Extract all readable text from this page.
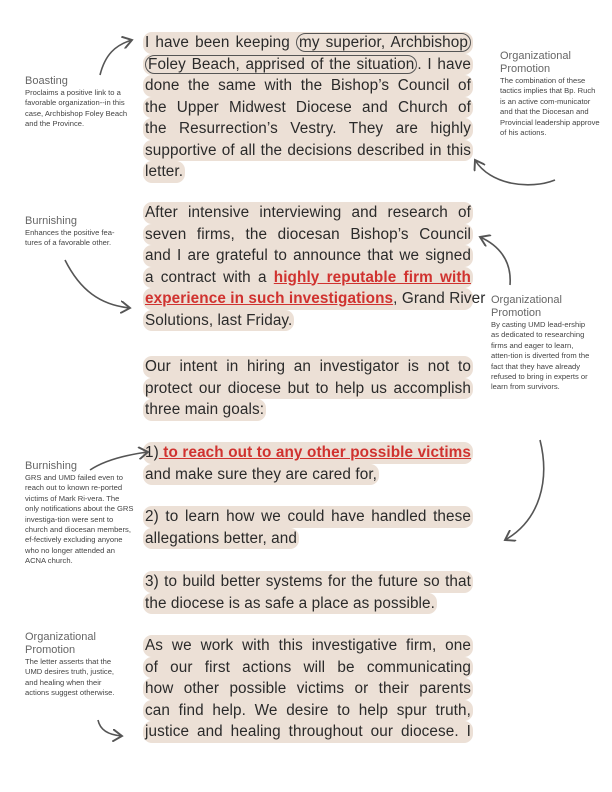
I have been keeping my superior, Archbishop
Foley Beach, apprised of the situation . I have
done the same with the Bishop’s Council of
the Upper Midwest Diocese and Church of
the Resurrection’s Vestry. They are highly
supportive of all the decisions described in this
letter.
After intensive interviewing and research of
seven firms, the diocesan Bishop’s Council
and I are grateful to announce that we signed
a contract with a highly reputable firm with
experience in such investigations, Grand River
Solutions, last Friday.
Our intent in hiring an investigator is not to
protect our diocese but to help us accomplish
three main goals:
1) to reach out to any other possible victims
and make sure they are cared for,
2) to learn how we could have handled these
allegations better, and
3) to build better systems for the future so that
the diocese is as safe a place as possible.
As we work with this investigative firm, one
of our first actions will be communicating
how other possible victims or their parents
can find help. We desire to help spur truth,
justice and healing throughout our diocese. I
Boasting

Proclaims a positive link to a favorable organization--in this case, Archbishop Foley Beach and the Province.

Organizational Promotion

The combination of these tactics implies that Bp. Ruch is an active com-municator and that the Diocesan and Provincial leadership approve of his actions.

Burnishing

Enhances the positive fea-tures of a favorable other.

Organizational Promotion

By casting UMD lead-ership as dedicated to researching firms and eager to learn, atten-tion is diverted from the fact that they have already refused to bring in experts or learn from survivors.

Burnishing

GRS and UMD failed even to reach out to known re-ported victims of Mark Ri-vera. The only notifications about the GRS investiga-tion were sent to church and diocesan members, ef-fectively excluding anyone who no longer attended an ACNA church.

Organizational Promotion

The letter asserts that the UMD desires truth, justice, and healing when their actions suggest otherwise.
